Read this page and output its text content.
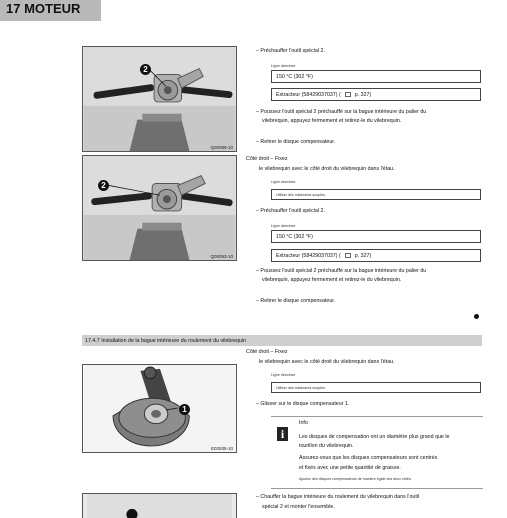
17 MOTEUR
2
Q00089-10
– Préchauffer l'outil spécial 2.
Ligne directrice
150 °C (302 °F)
Extracteur (58429037037) (	p. 327)
– Poussez l'outil spécial 2 préchauffé sur la bague intérieure du palier du
vilebrequin, appuyez fermement et retirez-le du vilebrequin.
– Retirer le disque compensateur.
Côté droit – Fixez
le vilebrequin avec le côté droit du vilebrequin dans l'étau.
Ligne directrice
Utiliser des mâchoires souples.
2
Q00093-10
– Préchauffer l'outil spécial 2.
Ligne directrice
150 °C (302 °F)
Extracteur (58429037037) (	p. 327)
– Poussez l'outil spécial 2 préchauffé sur la bague intérieure du palier du
vilebrequin, appuyez fermement et retirez-le du vilebrequin.
– Retirer le disque compensateur.
17.4.7 Installation de la bague intérieure du roulement du vilebrequin
Côté droit – Fixez
le vilebrequin avec le côté droit du vilebrequin dans l'étau.
Ligne directrice
Utiliser des mâchoires souples.
1
E02935-10
– Glisser sur le disque compensateur 1.
i
Info
Les disques de compensation ont un diamètre plus grand que le
tourillon du vilebrequin.
Assurez-vous que les disques compensateurs sont centrés
et fixés avec une petite quantité de graisse.
Ajoutez des disques compensateurs de manière égale des deux côtés.
– Chauffer la bague intérieure du roulement du vilebrequin dans l'outil
spécial 2 et monter l'ensemble.
